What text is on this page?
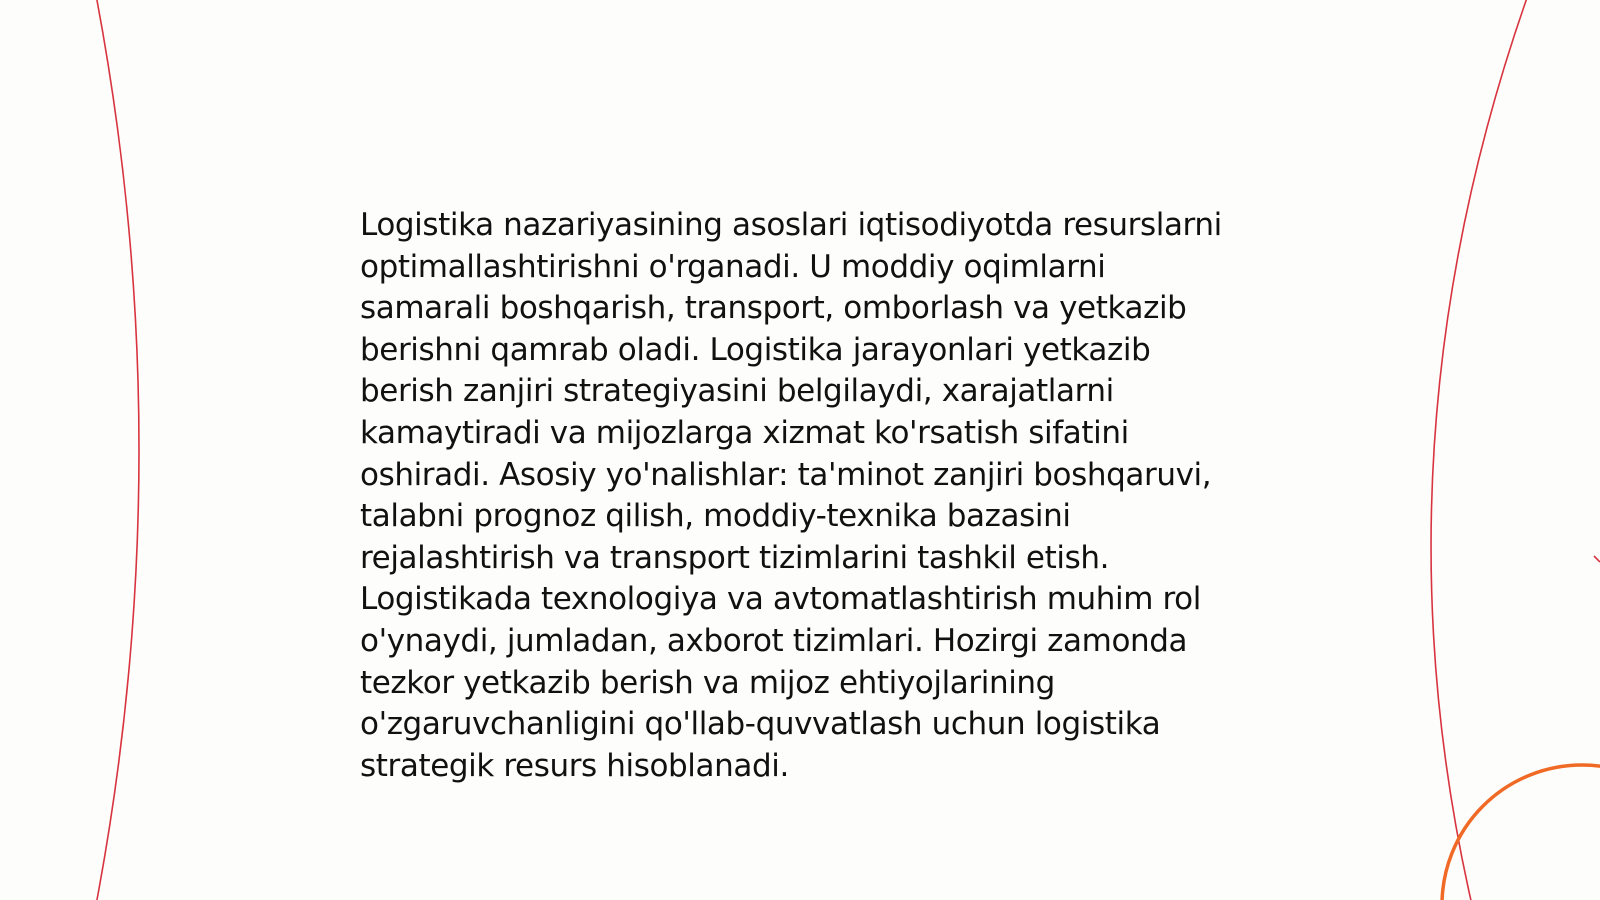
Logistika nazariyasining asoslari iqtisodiyotda resurslarni optimallashtirishni o'rganadi. U moddiy oqimlarni samarali boshqarish, transport, omborlash va yetkazib berishni qamrab oladi. Logistika jarayonlari yetkazib berish zanjiri strategiyasini belgilaydi, xarajatlarni kamaytiradi va mijozlarga xizmat ko'rsatish sifatini oshiradi. Asosiy yo'nalishlar: ta'minot zanjiri boshqaruvi, talabni prognoz qilish, moddiy-texnika bazasini rejalashtirish va transport tizimlarini tashkil etish. Logistikada texnologiya va avtomatlashtirish muhim rol o'ynaydi, jumladan, axborot tizimlari. Hozirgi zamonda tezkor yetkazib berish va mijoz ehtiyojlarining o'zgaruvchanligini qo'llab-quvvatlash uchun logistika strategik resurs hisoblanadi.
